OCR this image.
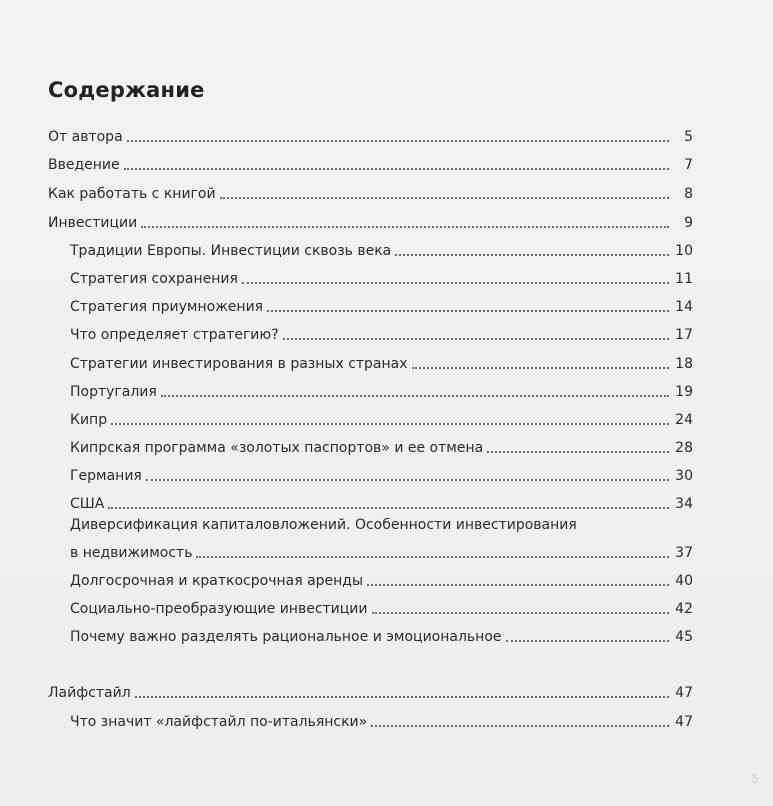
Содержание
От автора	5
Введение	7
Как работать с книгой	8
Инвестиции	9
Традиции Европы. Инвестиции сквозь века	10
Стратегия сохранения	11
Стратегия приумножения	14
Что определяет стратегию?	17
Стратегии инвестирования в разных странах	18
Португалия	19
Кипр	24
Кипрская программа «золотых паспортов» и ее отмена	28
Германия	30
США	34
Диверсификация капиталовложений. Особенности инвестирования
в недвижимость	37
Долгосрочная и краткосрочная аренды	40
Социально-преобразующие инвестиции	42
Почему важно разделять рациональное и эмоциональное	45
Лайфстайл	47
Что значит «лайфстайл по-итальянски»	47
5
